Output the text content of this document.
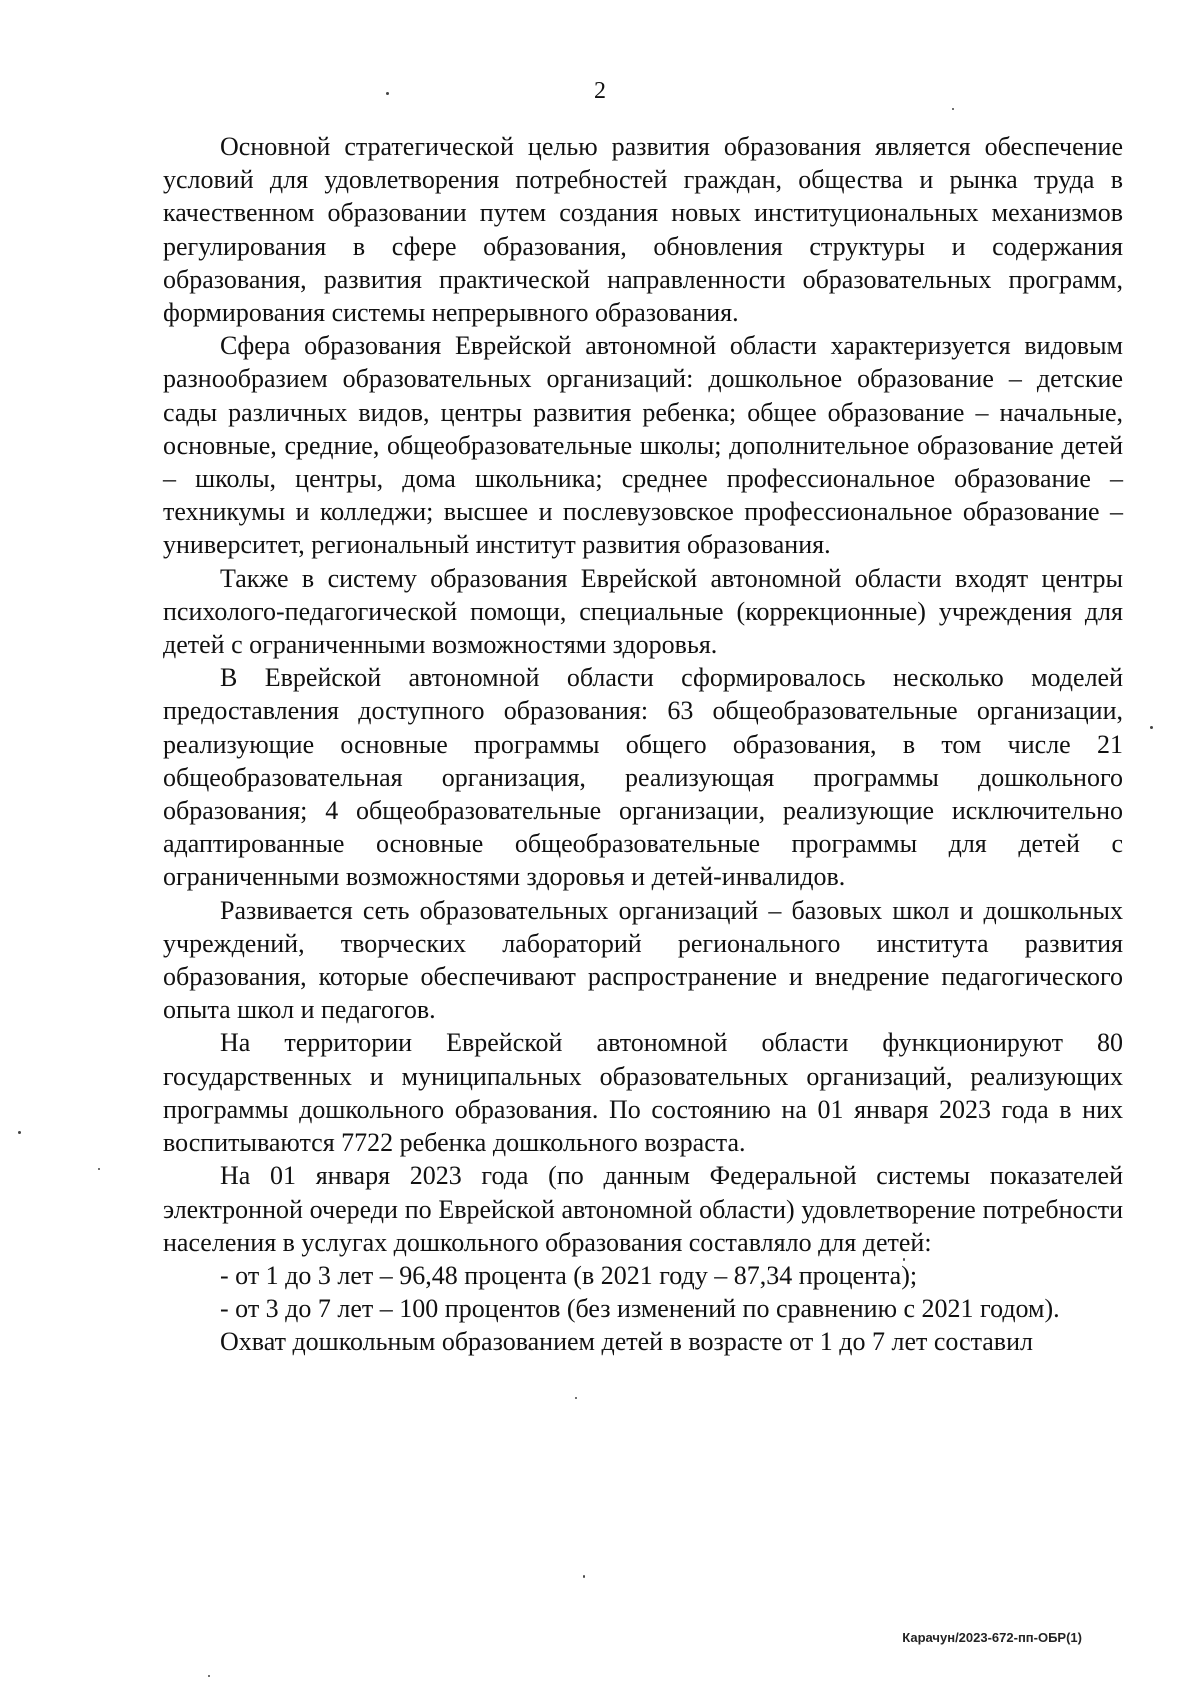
2

Основной стратегической целью развития образования является обеспечение условий для удовлетворения потребностей граждан, общества и рынка труда в качественном образовании путем создания новых институциональных механизмов регулирования в сфере образования, обновления структуры и содержания образования, развития практической направленности образовательных программ, формирования системы непрерывного образования.

Сфера образования Еврейской автономной области характеризуется видовым разнообразием образовательных организаций: дошкольное образование – детские сады различных видов, центры развития ребенка; общее образование – начальные, основные, средние, общеобразовательные школы; дополнительное образование детей – школы, центры, дома школьника; среднее профессиональное образование – техникумы и колледжи; высшее и послевузовское профессиональное образование – университет, региональный институт развития образования.

Также в систему образования Еврейской автономной области входят центры психолого-педагогической помощи, специальные (коррекционные) учреждения для детей с ограниченными возможностями здоровья.

В Еврейской автономной области сформировалось несколько моделей предоставления доступного образования: 63 общеобразовательные организации, реализующие основные программы общего образования, в том числе 21 общеобразовательная организация, реализующая программы дошкольного образования; 4 общеобразовательные организации, реализующие исключительно адаптированные основные общеобразовательные программы для детей с ограниченными возможностями здоровья и детей-инвалидов.

Развивается сеть образовательных организаций – базовых школ и дошкольных учреждений, творческих лабораторий регионального института развития образования, которые обеспечивают распространение и внедрение педагогического опыта школ и педагогов.

На территории Еврейской автономной области функционируют 80 государственных и муниципальных образовательных организаций, реализующих программы дошкольного образования. По состоянию на 01 января 2023 года в них воспитываются 7722 ребенка дошкольного возраста.

На 01 января 2023 года (по данным Федеральной системы показателей электронной очереди по Еврейской автономной области) удовлетворение потребности населения в услугах дошкольного образования составляло для детей:

- от 1 до 3 лет – 96,48 процента (в 2021 году – 87,34 процента);

- от 3 до 7 лет – 100 процентов (без изменений по сравнению с 2021 годом).

Охват дошкольным образованием детей в возрасте от 1 до 7 лет составил

Карачун/2023-672-пп-ОБР(1)
